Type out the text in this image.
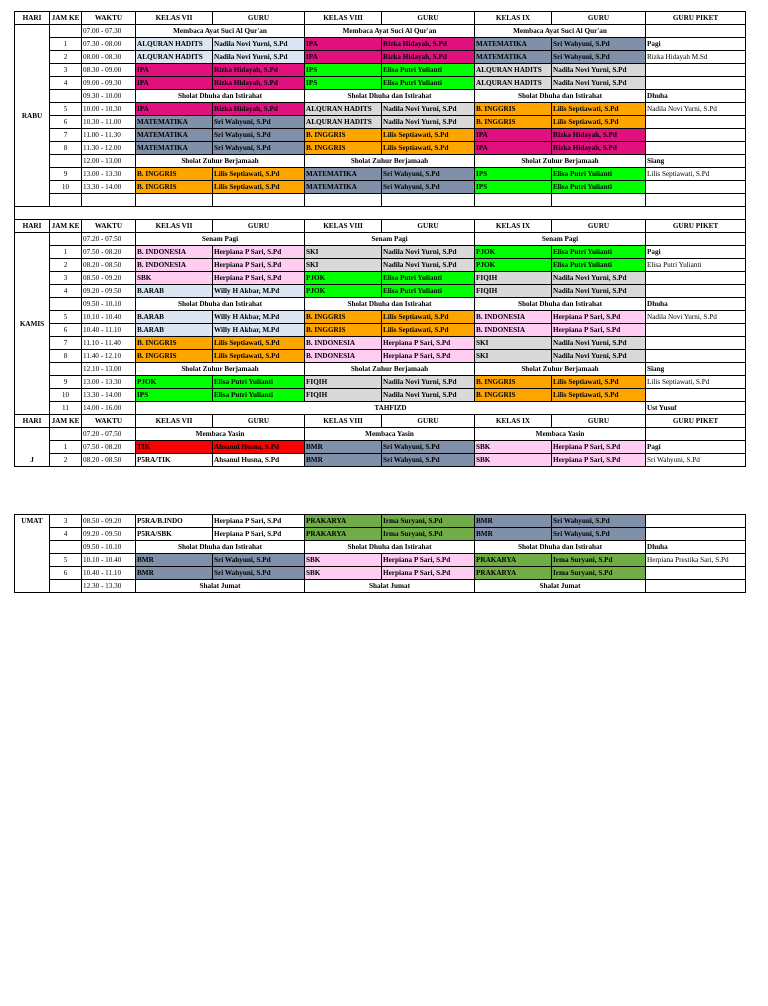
HARI	JAM KE	WAKTU	KELAS VII	GURU	KELAS VIII	GURU	KELAS IX	GURU	GURU PIKET
RABU		07.00 - 07.30	Membaca Ayat Suci Al Qur'an		Membaca Ayat Suci Al Qur'an		Membaca Ayat Suci Al Qur'an		
	1	07.30 - 08.00	ALQURAN HADITS	Nadila Novi Yurni, S.Pd	IPA	Rizka Hidayah, S.Pd	MATEMATIKA	Sri Wahyuni, S.Pd	Pagi
	2	08.00 - 08.30	ALQURAN HADITS	Nadila Novi Yurni, S.Pd	IPA	Rizka Hidayah, S.Pd	MATEMATIKA	Sri Wahyuni, S.Pd	Rizka Hidayah M.Sd
	3	08.30 - 09.00	IPA	Rizka Hidayah, S.Pd	IPS	Elisa Putri Yulianti	ALQURAN HADITS	Nadila Novi Yurni, S.Pd	
	4	09.00 - 09.30	IPA	Rizka Hidayah, S.Pd	IPS	Elisa Putri Yulianti	ALQURAN HADITS	Nadila Novi Yurni, S.Pd	
		09.30 - 10.00	Sholat Dhuha dan Istirahat		Sholat Dhuha dan Istirahat		Sholat Dhuha dan Istirahat		Dhuha
	5	10.00 - 10.30	IPA	Rizka Hidayah, S.Pd	ALQURAN HADITS	Nadila Novi Yurni, S.Pd	B. INGGRIS	Lilis Septiawati, S.Pd	Nadila Novi Yurni, S.Pd
	6	10.30 - 11.00	MATEMATIKA	Sri Wahyuni, S.Pd	ALQURAN HADITS	Nadila Novi Yurni, S.Pd	B. INGGRIS	Lilis Septiawati, S.Pd	
	7	11.00 - 11.30	MATEMATIKA	Sri Wahyuni, S.Pd	B. INGGRIS	Lilis Septiawati, S.Pd	IPA	Rizka Hidayah, S.Pd	
	8	11.30 - 12.00	MATEMATIKA	Sri Wahyuni, S.Pd	B. INGGRIS	Lilis Septiawati, S.Pd	IPA	Rizka Hidayah, S.Pd	
		12.00 - 13.00	Sholat Zuhur Berjamaah		Sholat Zuhur Berjamaah		Sholat Zuhur Berjamaah		Siang
	9	13.00 - 13.30	B. INGGRIS	Lilis Septiawati, S.Pd	MATEMATIKA	Sri Wahyuni, S.Pd	IPS	Elisa Putri Yulianti	Lilis Septiawati, S.Pd
	10	13.30 - 14.00	B. INGGRIS	Lilis Septiawati, S.Pd	MATEMATIKA	Sri Wahyuni, S.Pd	IPS	Elisa Putri Yulianti	

HARI	JAM KE	WAKTU	KELAS VII	GURU	KELAS VIII	GURU	KELAS IX	GURU	GURU PIKET
KAMIS		07.20 - 07.50	Senam Pagi		Senam Pagi		Senam Pagi		
	1	07.50 - 08.20	B. INDONESIA	Herpiana P Sari, S.Pd	SKI	Nadila Novi Yurni, S.Pd	PJOK	Elisa Putri Yulianti	Pagi
	2	08.20 - 08.50	B. INDONESIA	Herpiana P Sari, S.Pd	SKI	Nadila Novi Yurni, S.Pd	PJOK	Elisa Putri Yulianti	Elisa Putri Yulianti
	3	08.50 - 09.20	SBK	Herpiana P Sari, S.Pd	PJOK	Elisa Putri Yulianti	FIQIH	Nadila Novi Yurni, S.Pd	
	4	09.20 - 09.50	B.ARAB	Willy H Akbar, M.Pd	PJOK	Elisa Putri Yulianti	FIQIH	Nadila Novi Yurni, S.Pd	
		09.50 - 10.10	Sholat Dhuha dan Istirahat		Sholat Dhuha dan Istirahat		Sholat Dhuha dan Istirahat		Dhuha
	5	10.10 - 10.40	B.ARAB	Willy H Akbar, M.Pd	B. INGGRIS	Lilis Septiawati, S.Pd	B. INDONESIA	Herpiana P Sari, S.Pd	Nadila Novi Yurni, S.Pd
	6	10.40 - 11.10	B.ARAB	Willy H Akbar, M.Pd	B. INGGRIS	Lilis Septiawati, S.Pd	B. INDONESIA	Herpiana P Sari, S.Pd	
	7	11.10 - 11.40	B. INGGRIS	Lilis Septiawati, S.Pd	B. INDONESIA	Herpiana P Sari, S.Pd	SKI	Nadila Novi Yurni, S.Pd	
	8	11.40 - 12.10	B. INGGRIS	Lilis Septiawati, S.Pd	B. INDONESIA	Herpiana P Sari, S.Pd	SKI	Nadila Novi Yurni, S.Pd	
		12.10 - 13.00	Sholat Zuhur Berjamaah		Sholat Zuhur Berjamaah		Sholat Zuhur Berjamaah		Siang
	9	13.00 - 13.30	PJOK	Elisa Putri Yulianti	FIQIH	Nadila Novi Yurni, S.Pd	B. INGGRIS	Lilis Septiawati, S.Pd	Lilis Septiawati, S.Pd
	10	13.30 - 14.00	IPS	Elisa Putri Yulianti	FIQIH	Nadila Novi Yurni, S.Pd	B. INGGRIS	Lilis Septiawati, S.Pd	
	11	14.00 - 16.00	TAHFIZD						Ust Yusuf
HARI	JAM KE	WAKTU	KELAS VII	GURU	KELAS VIII	GURU	KELAS IX	GURU	GURU PIKET
J		07.20 - 07.50	Membaca Yasin		Membaca Yasin		Membaca Yasin		
	1	07.50 - 08.20	TIK	Ahsanul Husna, S.Pd	BMR	Sri Wahyuni, S.Pd	SBK	Herpiana P Sari, S.Pd	Pagi
	2	08.20 - 08.50	P5RA/TIK	Ahsanul Husna, S.Pd	BMR	Sri Wahyuni, S.Pd	SBK	Herpiana P Sari, S.Pd	Sri Wahyuni, S.Pd
UMAT	3	08.50 - 09.20	P5RA/B.INDO	Herpiana P Sari, S.Pd	PRAKARYA	Irma Suryani, S.Pd	BMR	Sri Wahyuni, S.Pd	
	4	09.20 - 09.50	P5RA/SBK	Herpiana P Sari, S.Pd	PRAKARYA	Irma Suryani, S.Pd	BMR	Sri Wahyuni, S.Pd	
		09.50 - 10.10	Sholat Dhuha dan Istirahat		Sholat Dhuha dan Istirahat		Sholat Dhuha dan Istirahat		Dhuha
	5	10.10 - 10.40	BMR	Sri Wahyuni, S.Pd	SBK	Herpiana P Sari, S.Pd	PRAKARYA	Irma Suryani, S.Pd	Herpiana Prestika Sari, S.Pd
	6	10.40 - 11.10	BMR	Sri Wahyuni, S.Pd	SBK	Herpiana P Sari, S.Pd	PRAKARYA	Irma Suryani, S.Pd	
		12.30 - 13.30	Shalat Jumat		Shalat Jumat		Shalat Jumat		
